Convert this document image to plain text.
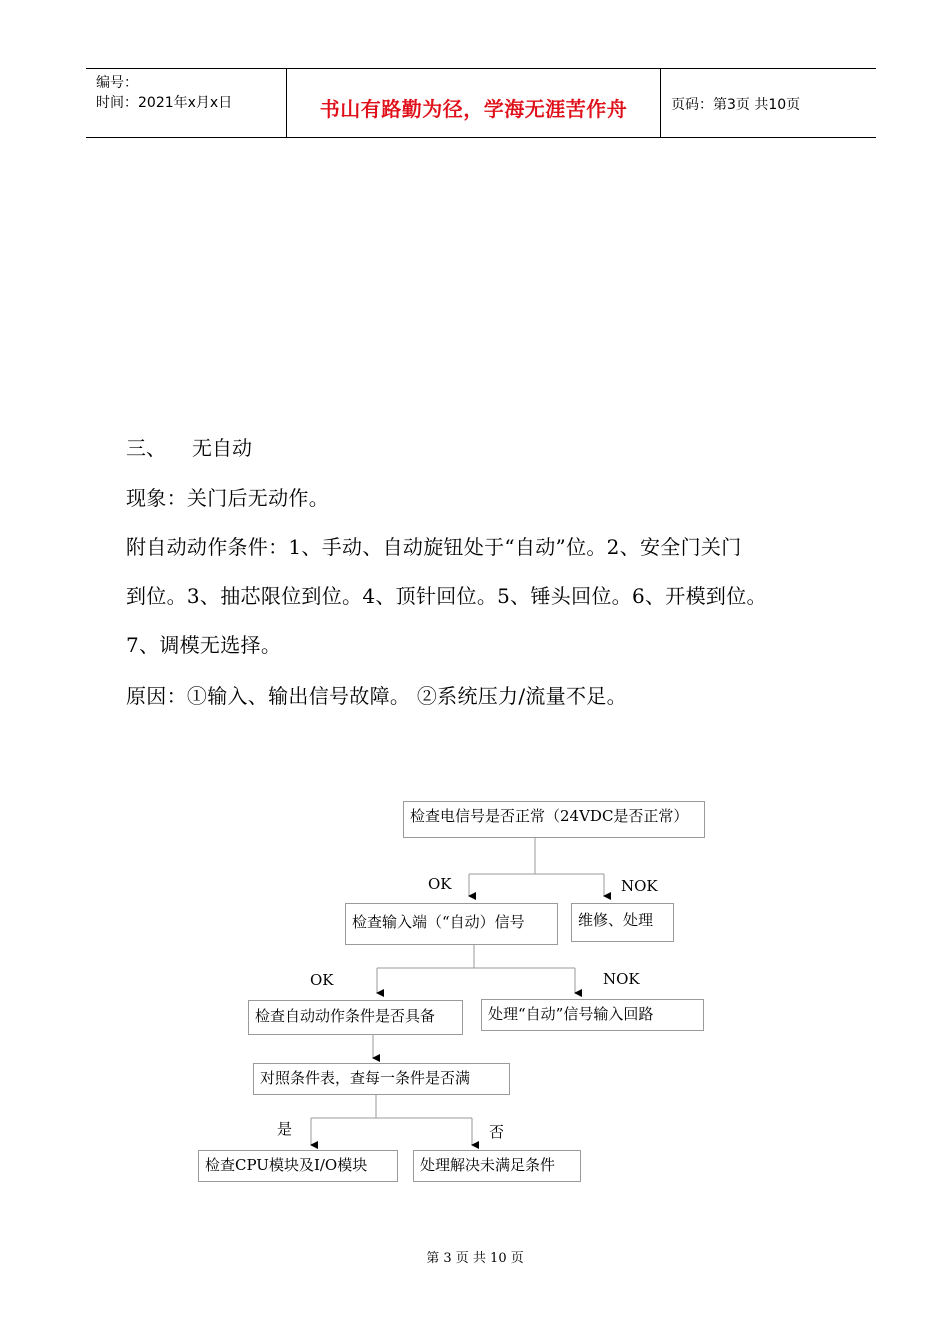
编号：
时间：2021年x月x日	书山有路勤为径，学海无涯苦作舟	页码：第3页 共10页
三、 无自动
现象：关门后无动作。
附自动动作条件：1、手动、自动旋钮处于“自动”位。2、安全门关门
到位。3、抽芯限位到位。4、顶针回位。5、锤头回位。6、开模到位。
7、调模无选择。
原因：①输入、输出信号故障。 ②系统压力/流量不足。
检查电信号是否正常（24VDC是否正常）
OK	NOK
检查输入端（“自动）信号	维修、处理
OK	NOK
检查自动动作条件是否具备	处理“自动”信号输入回路
对照条件表，查每一条件是否满
是	否
检查CPU模块及I/O模块	处理解决未满足条件
第 3 页 共 10 页
